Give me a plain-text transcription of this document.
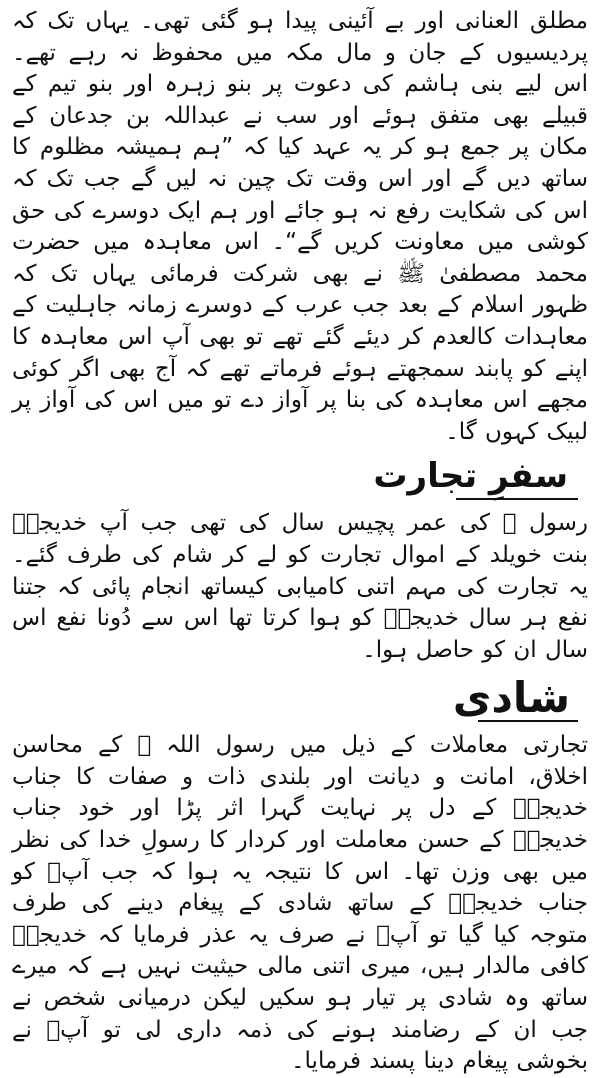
مطلق العنانی اور بے آئینی پیدا ہو گئی تھی۔ یہاں تک کہ پردیسیوں کے جان و مال مکہ میں محفوظ نہ رہے تھے۔ اس لیے بنی ہاشم کی دعوت پر بنو زہرہ اور بنو تیم کے قبیلے بھی متفق ہوئے اور سب نے عبداللہ بن جدعان کے مکان پر جمع ہو کر یہ عہد کیا کہ ”ہم ہمیشہ مظلوم کا ساتھ دیں گے اور اس وقت تک چین نہ لیں گے جب تک کہ اس کی شکایت رفع نہ ہو جائے اور ہم ایک دوسرے کی حق کوشی میں معاونت کریں گے“۔ اس معاہدہ میں حضرت محمد مصطفیٰ ﷺ نے بھی شرکت فرمائی یہاں تک کہ ظہور اسلام کے بعد جب عرب کے دوسرے زمانہ جاہلیت کے معاہدات کالعدم کر دیئے گئے تھے تو بھی آپ اس معاہدہ کا اپنے کو پابند سمجھتے ہوئے فرماتے تھے کہ آج بھی اگر کوئی مجھے اس معاہدہ کی بنا پر آواز دے تو میں اس کی آواز پر لبیک کہوں گا۔

سفرِ تجارت

رسول ﷺ کی عمر پچیس سال کی تھی جب آپ خدیجہؓ بنت خویلد کے اموال تجارت کو لے کر شام کی طرف گئے۔ یہ تجارت کی مہم اتنی کامیابی کیساتھ انجام پائی کہ جتنا نفع ہر سال خدیجہؓ کو ہوا کرتا تھا اس سے دُونا نفع اس سال ان کو حاصل ہوا۔

شادی

تجارتی معاملات کے ذیل میں رسول اللہ ﷺ کے محاسن اخلاق، امانت و دیانت اور بلندی ذات و صفات کا جناب خدیجہؓ کے دل پر نہایت گہرا اثر پڑا اور خود جناب خدیجہؓ کے حسن معاملت اور کردار کا رسولِ خدا کی نظر میں بھی وزن تھا۔ اس کا نتیجہ یہ ہوا کہ جب آپؐ کو جناب خدیجہؓ کے ساتھ شادی کے پیغام دینے کی طرف متوجہ کیا گیا تو آپؐ نے صرف یہ عذر فرمایا کہ خدیجہؓ کافی مالدار ہیں، میری اتنی مالی حیثیت نہیں ہے کہ میرے ساتھ وہ شادی پر تیار ہو سکیں لیکن درمیانی شخص نے جب ان کے رضامند ہونے کی ذمہ داری لی تو آپؐ نے بخوشی پیغام دینا پسند فرمایا۔
